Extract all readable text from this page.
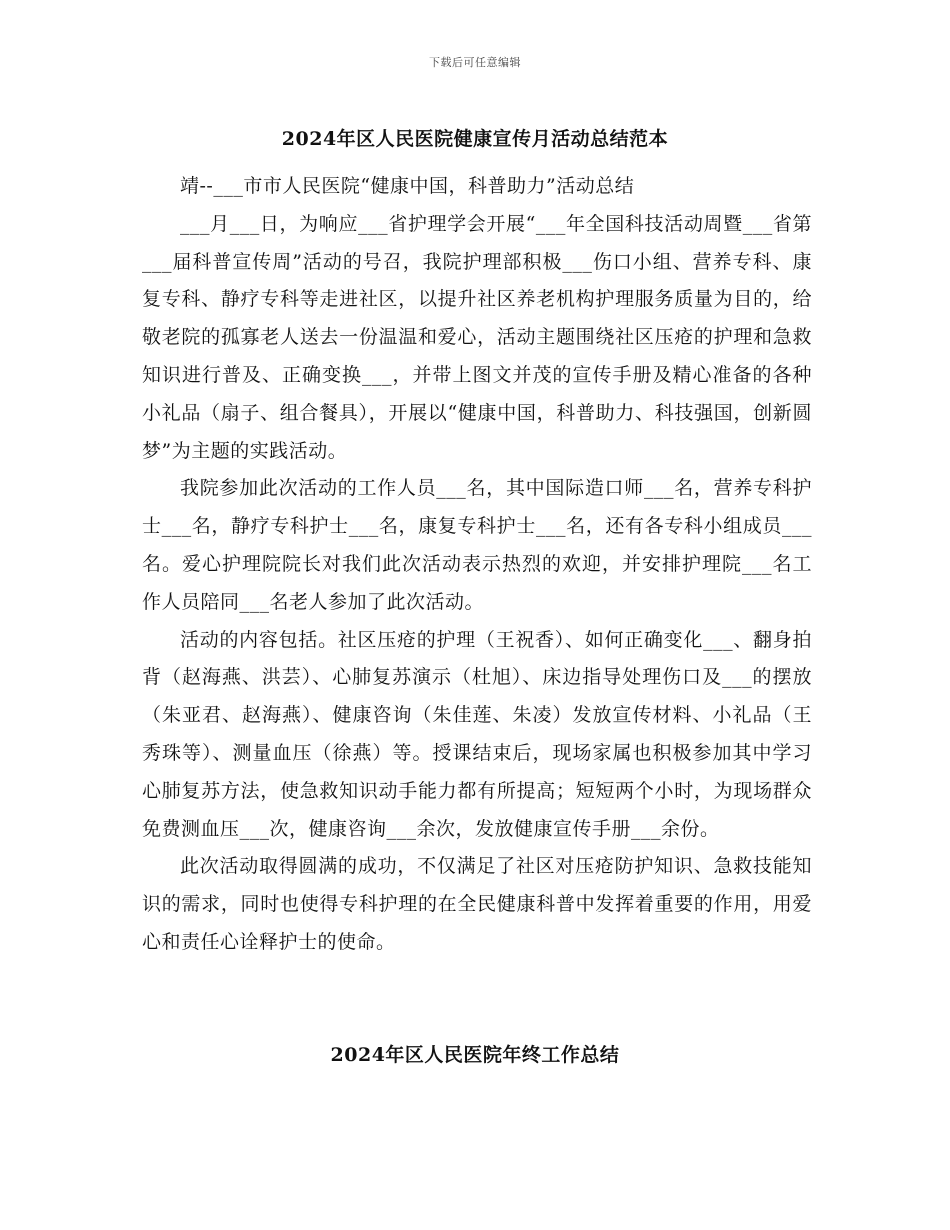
下载后可任意编辑
2024年区人民医院健康宣传月活动总结范本

靖--___市市人民医院“健康中国，科普助力”活动总结

___月___日，为响应___省护理学会开展“___年全国科技活动周暨___省第___届科普宣传周”活动的号召，我院护理部积极___伤口小组、营养专科、康复专科、静疗专科等走进社区，以提升社区养老机构护理服务质量为目的，给敬老院的孤寡老人送去一份温温和爱心，活动主题围绕社区压疮的护理和急救知识进行普及、正确变换___，并带上图文并茂的宣传手册及精心准备的各种小礼品（扇子、组合餐具），开展以“健康中国，科普助力、科技强国，创新圆梦”为主题的实践活动。

我院参加此次活动的工作人员___名，其中国际造口师___名，营养专科护士___名，静疗专科护士___名，康复专科护士___名，还有各专科小组成员___名。爱心护理院院长对我们此次活动表示热烈的欢迎，并安排护理院___名工作人员陪同___名老人参加了此次活动。

活动的内容包括。社区压疮的护理（王祝香）、如何正确变化___、翻身拍背（赵海燕、洪芸）、心肺复苏演示（杜旭）、床边指导处理伤口及___的摆放（朱亚君、赵海燕）、健康咨询（朱佳莲、朱凌）发放宣传材料、小礼品（王秀珠等）、测量血压（徐燕）等。授课结束后，现场家属也积极参加其中学习心肺复苏方法，使急救知识动手能力都有所提高；短短两个小时，为现场群众免费测血压___次，健康咨询___余次，发放健康宣传手册___余份。

此次活动取得圆满的成功，不仅满足了社区对压疮防护知识、急救技能知识的需求，同时也使得专科护理的在全民健康科普中发挥着重要的作用，用爱心和责任心诠释护士的使命。

2024年区人民医院年终工作总结
